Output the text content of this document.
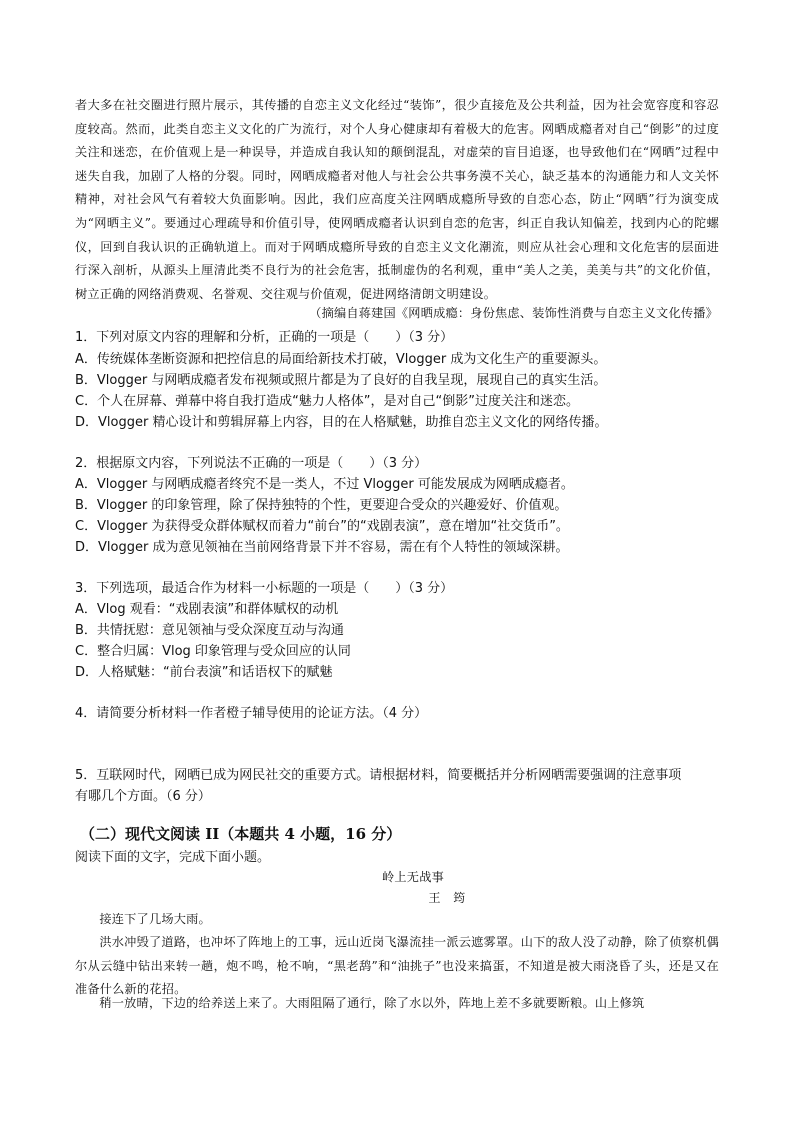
者大多在社交圈进行照片展示，其传播的自恋主义文化经过“装饰”，很少直接危及公共利益，因为社会宽容度和容忍度较高。然而，此类自恋主义文化的广为流行，对个人身心健康却有着极大的危害。网晒成瘾者对自己“倒影”的过度关注和迷恋，在价值观上是一种误导，并造成自我认知的颠倒混乱，对虚荣的盲目追逐，也导致他们在“网晒”过程中迷失自我，加剧了人格的分裂。同时，网晒成瘾者对他人与社会公共事务漠不关心，缺乏基本的沟通能力和人文关怀精神，对社会风气有着较大负面影响。因此，我们应高度关注网晒成瘾所导致的自恋心态，防止“网晒”行为演变成为“网晒主义”。要通过心理疏导和价值引导，使网晒成瘾者认识到自恋的危害，纠正自我认知偏差，找到内心的陀螺仪，回到自我认识的正确轨道上。而对于网晒成瘾所导致的自恋主义文化潮流，则应从社会心理和文化危害的层面进行深入剖析，从源头上厘清此类不良行为的社会危害，抵制虚伪的名利观，重申“美人之美，美美与共”的文化价值，树立正确的网络消费观、名誉观、交往观与价值观，促进网络清朗文明建设。
（摘编自蒋建国《网晒成瘾：身份焦虑、装饰性消费与自恋主义文化传播》
1．下列对原文内容的理解和分析，正确的一项是（　　）（3 分）
A．传统媒体垄断资源和把控信息的局面给新技术打破，Vlogger 成为文化生产的重要源头。
B．Vlogger 与网晒成瘾者发布视频或照片都是为了良好的自我呈现，展现自己的真实生活。
C．个人在屏幕、弹幕中将自我打造成“魅力人格体”，是对自己“倒影”过度关注和迷恋。
D．Vlogger 精心设计和剪辑屏幕上内容，目的在人格赋魅，助推自恋主义文化的网络传播。
2．根据原文内容，下列说法不正确的一项是（　　）（3 分）
A．Vlogger 与网晒成瘾者终究不是一类人，不过 Vlogger 可能发展成为网晒成瘾者。
B．Vlogger 的印象管理，除了保持独特的个性，更要迎合受众的兴趣爱好、价值观。
C．Vlogger 为获得受众群体赋权而着力“前台”的“戏剧表演”，意在增加“社交货币”。
D．Vlogger 成为意见领袖在当前网络背景下并不容易，需在有个人特性的领域深耕。
3．下列选项，最适合作为材料一小标题的一项是（　　）（3 分）
A．Vlog 观看：“戏剧表演”和群体赋权的动机
B．共情抚慰：意见领袖与受众深度互动与沟通
C．整合归属：Vlog 印象管理与受众回应的认同
D．人格赋魅：“前台表演”和话语权下的赋魅
4．请简要分析材料一作者橙子辅导使用的论证方法。（4 分）
5．互联网时代，网晒已成为网民社交的重要方式。请根据材料，简要概括并分析网晒需要强调的注意事项
有哪几个方面。（6 分）
（二）现代文阅读 II（本题共 4 小题，16 分）
阅读下面的文字，完成下面小题。
岭上无战事
王　筠
接连下了几场大雨。
洪水冲毁了道路，也冲坏了阵地上的工事，远山近岗飞瀑流挂一派云遮雾罩。山下的敌人没了动静，除了侦察机偶尔从云缝中钻出来转一趟，炮不鸣，枪不响，“黑老鸹”和“油挑子”也没来搞蛋，不知道是被大雨浇昏了头，还是又在准备什么新的花招。
稍一放晴，下边的给养送上来了。大雨阻隔了通行，除了水以外，阵地上差不多就要断粮。山上修筑
